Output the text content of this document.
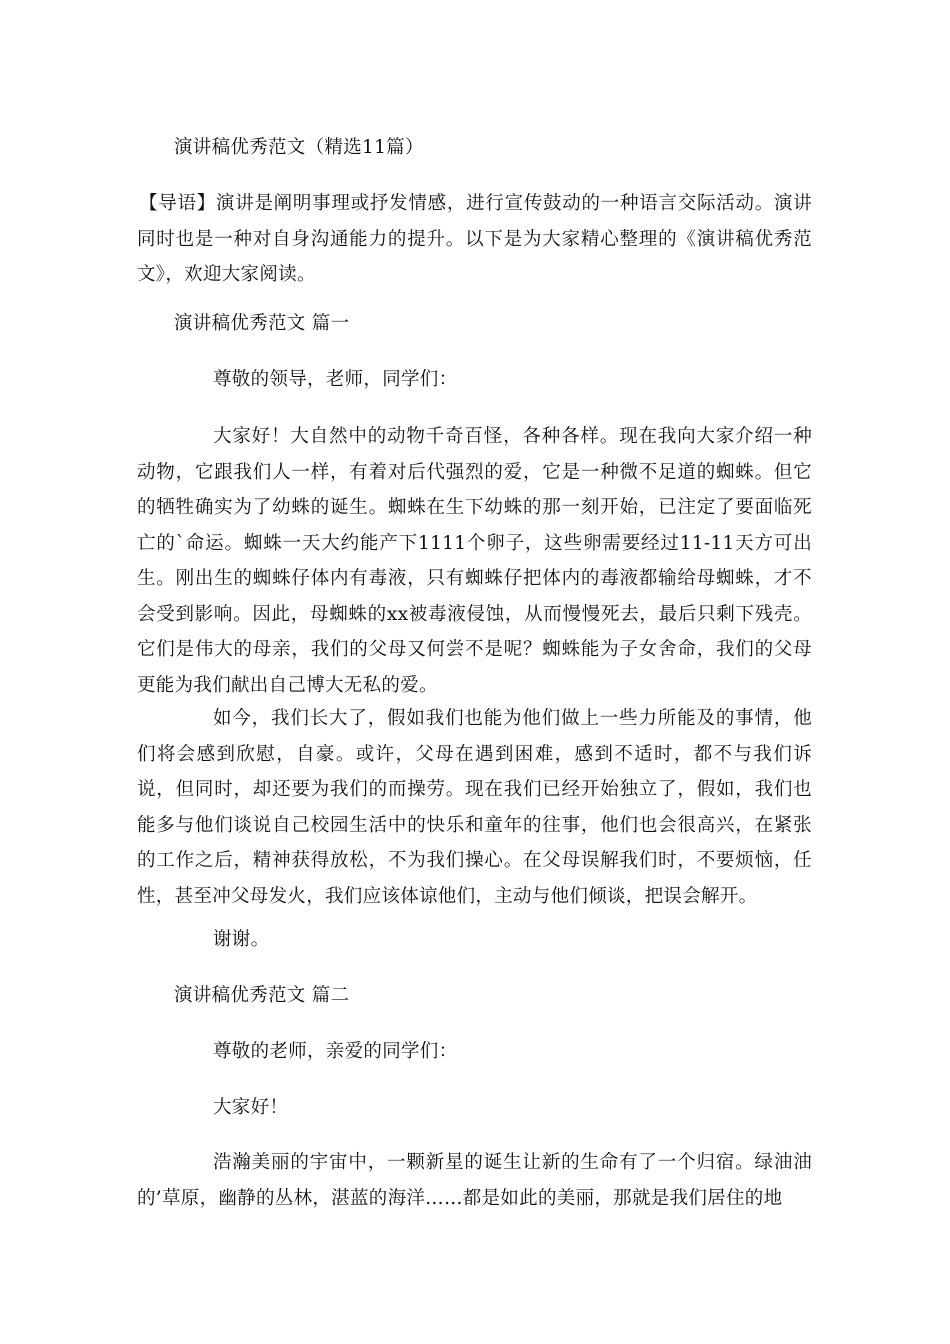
演讲稿优秀范文（精选11篇）
【导语】演讲是阐明事理或抒发情感，进行宣传鼓动的一种语言交际活动。演讲同时也是一种对自身沟通能力的提升。以下是为大家精心整理的《演讲稿优秀范文》，欢迎大家阅读。
演讲稿优秀范文 篇一
尊敬的领导，老师，同学们：
大家好！大自然中的动物千奇百怪，各种各样。现在我向大家介绍一种动物，它跟我们人一样，有着对后代强烈的爱，它是一种微不足道的蜘蛛。但它的牺牲确实为了幼蛛的诞生。蜘蛛在生下幼蛛的那一刻开始，已注定了要面临死亡的`命运。蜘蛛一天大约能产下1111个卵子，这些卵需要经过11-11天方可出生。刚出生的蜘蛛仔体内有毒液，只有蜘蛛仔把体内的毒液都输给母蜘蛛，才不会受到影响。因此，母蜘蛛的xx被毒液侵蚀，从而慢慢死去，最后只剩下残壳。它们是伟大的母亲，我们的父母又何尝不是呢？蜘蛛能为子女舍命，我们的父母更能为我们献出自己博大无私的爱。
如今，我们长大了，假如我们也能为他们做上一些力所能及的事情，他们将会感到欣慰，自豪。或许，父母在遇到困难，感到不适时，都不与我们诉说，但同时，却还要为我们的而操劳。现在我们已经开始独立了，假如，我们也能多与他们谈说自己校园生活中的快乐和童年的往事，他们也会很高兴，在紧张的工作之后，精神获得放松，不为我们操心。在父母误解我们时，不要烦恼，任性，甚至冲父母发火，我们应该体谅他们，主动与他们倾谈，把误会解开。
谢谢。
演讲稿优秀范文 篇二
尊敬的老师，亲爱的同学们：
大家好！
浩瀚美丽的宇宙中，一颗新星的诞生让新的生命有了一个归宿。绿油油的’草原，幽静的丛林，湛蓝的海洋……都是如此的美丽，那就是我们居住的地
